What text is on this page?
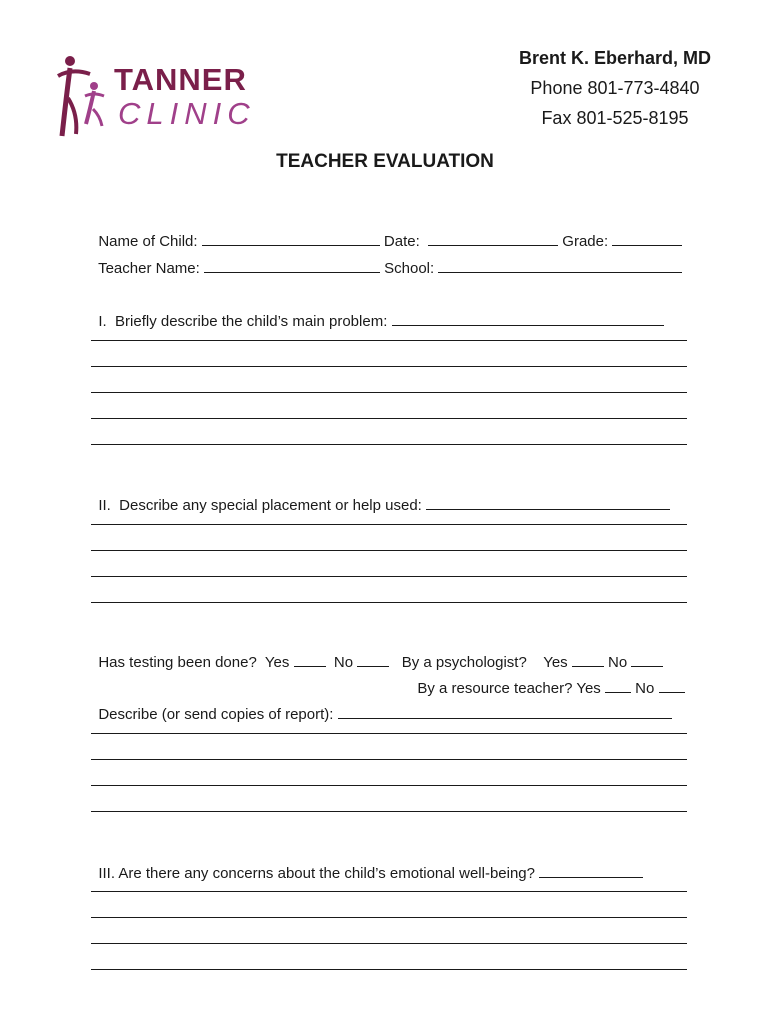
TANNER
CLINIC
Brent K. Eberhard, MD
Phone 801-773-4840
Fax 801-525-8195
TEACHER EVALUATION

Name of Child:	Date:	Grade:

Teacher Name:	School:

I.  Briefly describe the child’s main problem:

II.  Describe any special placement or help used:

Has testing been done?  Yes	No	By a psychologist?    Yes	No

By a resource teacher? Yes No

Describe (or send copies of report):

III. Are there any concerns about the child’s emotional well-being?
